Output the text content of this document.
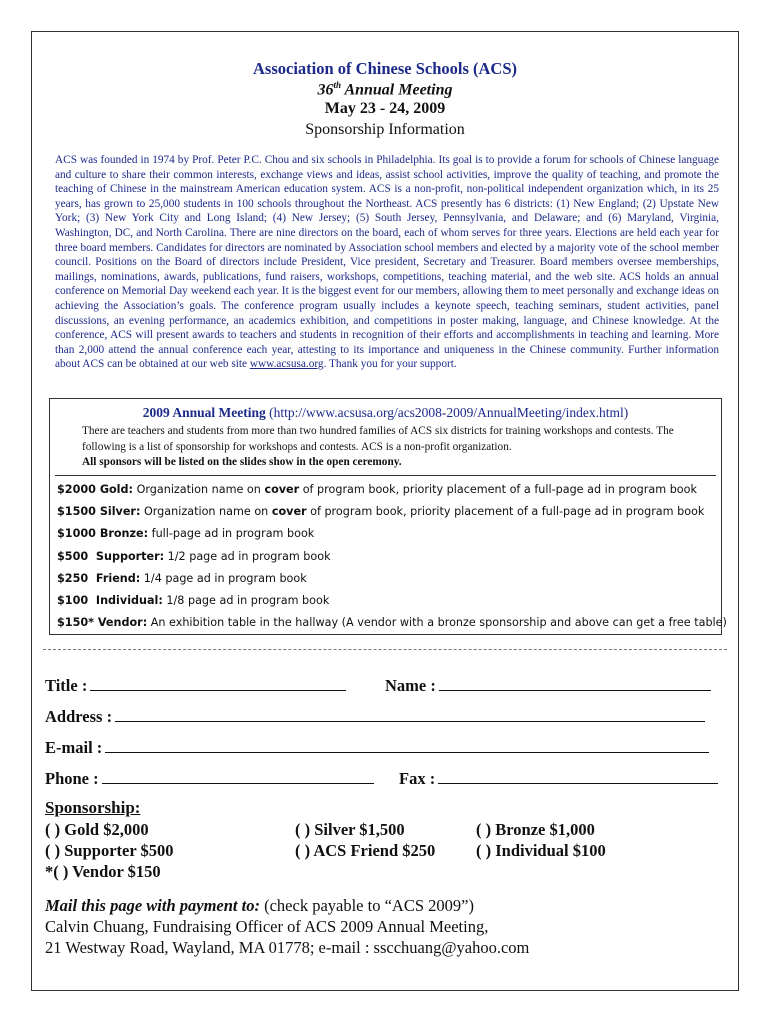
Association of Chinese Schools (ACS)
36th Annual Meeting
May 23 - 24, 2009
Sponsorship Information

ACS was founded in 1974 by Prof. Peter P.C. Chou and six schools in Philadelphia. Its goal is to provide a forum for schools of Chinese language and culture to share their common interests, exchange views and ideas, assist school activities, improve the quality of teaching, and promote the teaching of Chinese in the mainstream American education system. ACS is a non-profit, non-political independent organization which, in its 25 years, has grown to 25,000 students in 100 schools throughout the Northeast. ACS presently has 6 districts: (1) New England; (2) Upstate New York; (3) New York City and Long Island; (4) New Jersey; (5) South Jersey, Pennsylvania, and Delaware; and (6) Maryland, Virginia, Washington, DC, and North Carolina. There are nine directors on the board, each of whom serves for three years. Elections are held each year for three board members. Candidates for directors are nominated by Association school members and elected by a majority vote of the school member council. Positions on the Board of directors include President, Vice president, Secretary and Treasurer. Board members oversee memberships, mailings, nominations, awards, publications, fund raisers, workshops, competitions, teaching material, and the web site. ACS holds an annual conference on Memorial Day weekend each year. It is the biggest event for our members, allowing them to meet personally and exchange ideas on achieving the Association’s goals. The conference program usually includes a keynote speech, teaching seminars, student activities, panel discussions, an evening performance, an academics exhibition, and competitions in poster making, language, and Chinese knowledge. At the conference, ACS will present awards to teachers and students in recognition of their efforts and accomplishments in teaching and learning. More than 2,000 attend the annual conference each year, attesting to its importance and uniqueness in the Chinese community. Further information about ACS can be obtained at our web site www.acsusa.org. Thank you for your support.

2009 Annual Meeting (http://www.acsusa.org/acs2008-2009/AnnualMeeting/index.html)

There are teachers and students from more than two hundred families of ACS six districts for training workshops and contests. The following is a list of sponsorship for workshops and contests. ACS is a non-profit organization.
All sponsors will be listed on the slides show in the open ceremony.

$2000 Gold: Organization name on cover of program book, priority placement of a full-page ad in program book
$1500 Silver: Organization name on cover of program book, priority placement of a full-page ad in program book
$1000 Bronze: full-page ad in program book
$500  Supporter: 1/2 page ad in program book
$250  Friend: 1/4 page ad in program book
$100  Individual: 1/8 page ad in program book
$150* Vendor: An exhibition table in the hallway (A vendor with a bronze sponsorship and above can get a free table)
Title :	Name :
Address :
E-mail :
Phone :	Fax :
Sponsorship:
( ) Gold $2,000	( ) Silver $1,500	( ) Bronze $1,000
( ) Supporter $500	( ) ACS Friend $250 ( ) Individual $100
*( ) Vendor $150
Mail this page with payment to: (check payable to “ACS 2009”)
Calvin Chuang, Fundraising Officer of ACS 2009 Annual Meeting,
21 Westway Road, Wayland, MA 01778; e-mail : sscchuang@yahoo.com
